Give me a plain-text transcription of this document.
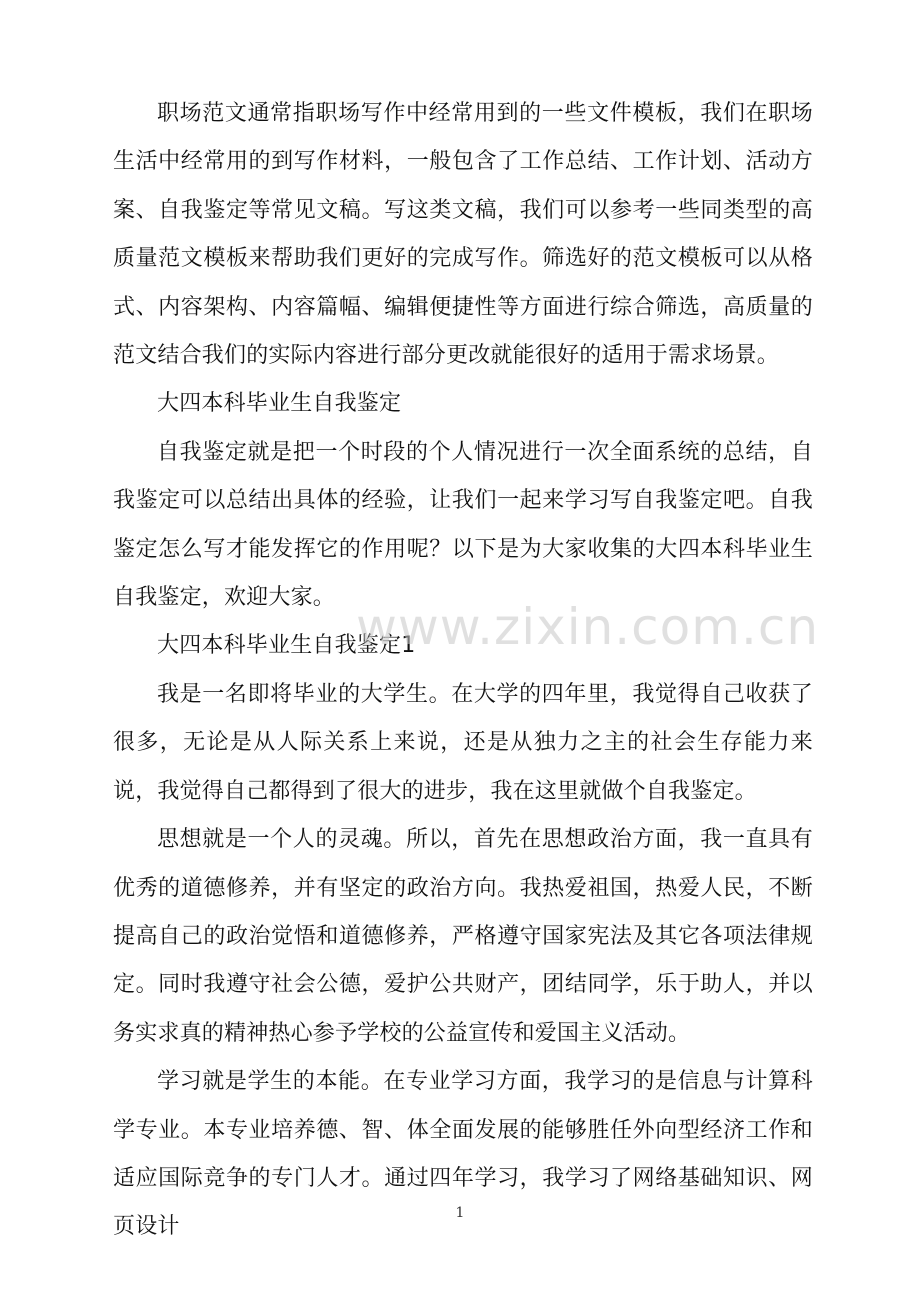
职场范文通常指职场写作中经常用到的一些文件模板，我们在职场生活中经常用的到写作材料，一般包含了工作总结、工作计划、活动方案、自我鉴定等常见文稿。写这类文稿，我们可以参考一些同类型的高质量范文模板来帮助我们更好的完成写作。筛选好的范文模板可以从格式、内容架构、内容篇幅、编辑便捷性等方面进行综合筛选，高质量的范文结合我们的实际内容进行部分更改就能很好的适用于需求场景。

大四本科毕业生自我鉴定

自我鉴定就是把一个时段的个人情况进行一次全面系统的总结，自我鉴定可以总结出具体的经验，让我们一起来学习写自我鉴定吧。自我鉴定怎么写才能发挥它的作用呢？以下是为大家收集的大四本科毕业生自我鉴定，欢迎大家。

大四本科毕业生自我鉴定1

我是一名即将毕业的大学生。在大学的四年里，我觉得自己收获了很多，无论是从人际关系上来说，还是从独力之主的社会生存能力来说，我觉得自己都得到了很大的进步，我在这里就做个自我鉴定。

思想就是一个人的灵魂。所以，首先在思想政治方面，我一直具有优秀的道德修养，并有坚定的政治方向。我热爱祖国，热爱人民，不断提高自己的政治觉悟和道德修养，严格遵守国家宪法及其它各项法律规定。同时我遵守社会公德，爱护公共财产，团结同学，乐于助人，并以务实求真的精神热心参予学校的公益宣传和爱国主义活动。

学习就是学生的本能。在专业学习方面，我学习的是信息与计算科学专业。本专业培养德、智、体全面发展的能够胜任外向型经济工作和适应国际竞争的专门人才。通过四年学习，我学习了网络基础知识、网页设计

www.zixin.com.cn
1
